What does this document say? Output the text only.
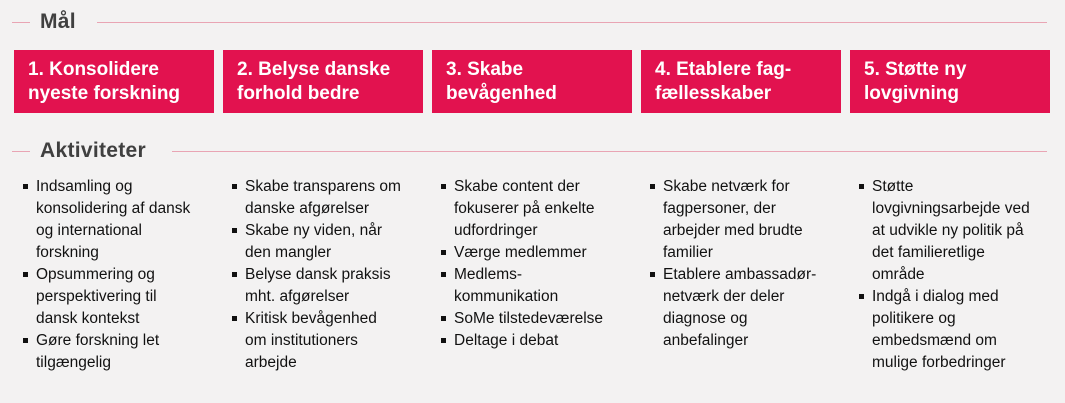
Mål
1. Konsolidere
nyeste forskning
2. Belyse danske
forhold bedre
3. Skabe
bevågenhed
4. Etablere fag-
fællesskaber
5. Støtte ny
lovgivning
Aktiviteter
Indsamling og
konsolidering af dansk
og international
forskning
Opsummering og
perspektivering til
dansk kontekst
Gøre forskning let
tilgængelig
Skabe transparens om
danske afgørelser
Skabe ny viden, når
den mangler
Belyse dansk praksis
mht. afgørelser
Kritisk bevågenhed
om institutioners
arbejde
Skabe content der
fokuserer på enkelte
udfordringer
Værge medlemmer
Medlems-
kommunikation
SoMe tilstedeværelse
Deltage i debat
Skabe netværk for
fagpersoner, der
arbejder med brudte
familier
Etablere ambassadør-
netværk der deler
diagnose og
anbefalinger
Støtte
lovgivningsarbejde ved
at udvikle ny politik på
det familieretlige
område
Indgå i dialog med
politikere og
embedsmænd om
mulige forbedringer
